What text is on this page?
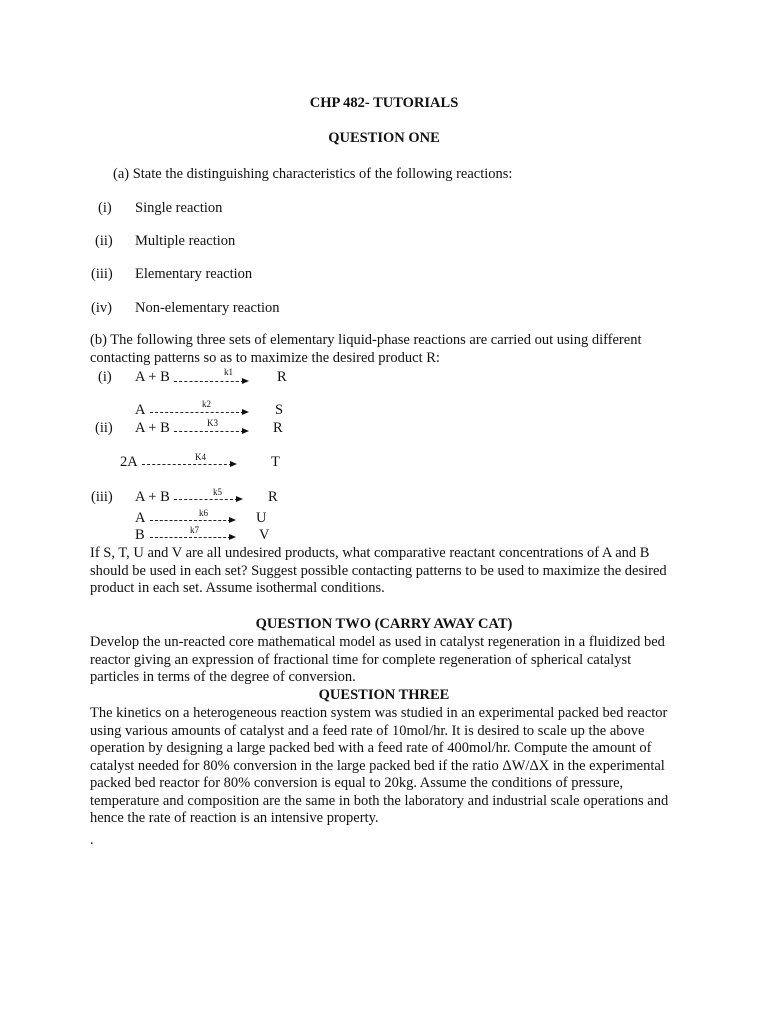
CHP 482- TUTORIALS
QUESTION ONE
(a) State the distinguishing characteristics of the following reactions:
(i) Single reaction
(ii) Multiple reaction
(iii) Elementary reaction
(iv) Non-elementary reaction
(b) The following three sets of elementary liquid-phase reactions are carried out using different contacting patterns so as to maximize the desired product R:
(i) A + B	k1	R
A	k2	S
(ii) A + B	K3	R
2A	K4	T
(iii) A + B	k5	R
A	k6	U
B	k7	V
If S, T, U and V are all undesired products, what comparative reactant concentrations of A and B should be used in each set? Suggest possible contacting patterns to be used to maximize the desired product in each set. Assume isothermal conditions.
QUESTION TWO (CARRY AWAY CAT)
Develop the un-reacted core mathematical model as used in catalyst regeneration in a fluidized bed reactor giving an expression of fractional time for complete regeneration of spherical catalyst particles in terms of the degree of conversion.
QUESTION THREE
The kinetics on a heterogeneous reaction system was studied in an experimental packed bed reactor using various amounts of catalyst and a feed rate of 10mol/hr. It is desired to scale up the above operation by designing a large packed bed with a feed rate of 400mol/hr. Compute the amount of catalyst needed for 80% conversion in the large packed bed if the ratio ΔW/ΔX in the experimental packed bed reactor for 80% conversion is equal to 20kg. Assume the conditions of pressure, temperature and composition are the same in both the laboratory and industrial scale operations and hence the rate of reaction is an intensive property.
.
